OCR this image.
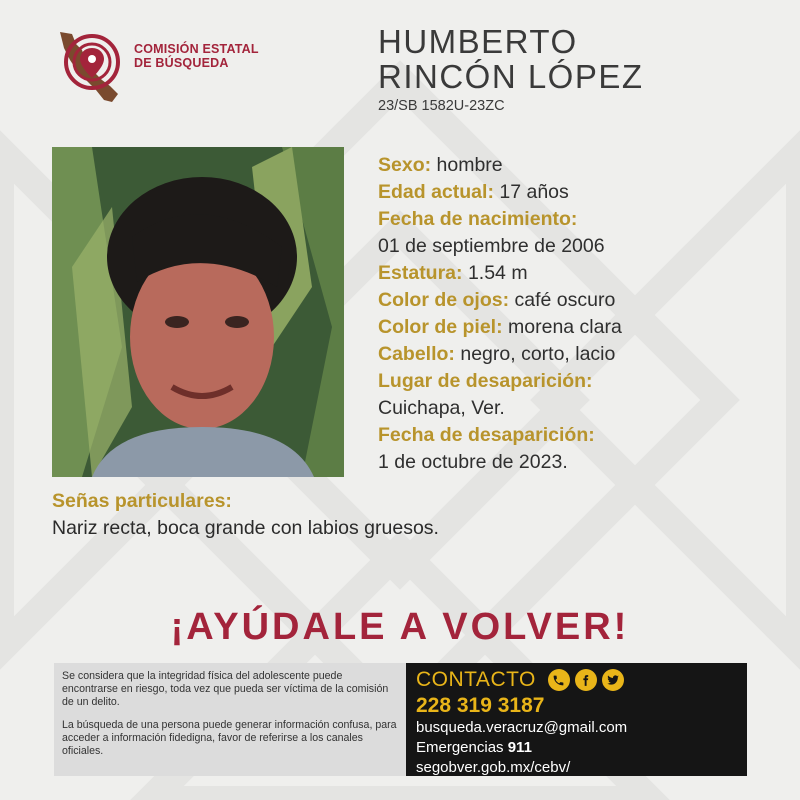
COMISIÓN ESTATAL
DE BÚSQUEDA
HUMBERTO
RINCÓN LÓPEZ
23/SB 1582U-23ZC
Sexo: hombre
Edad actual: 17 años
Fecha de nacimiento:
01 de septiembre de 2006
Estatura: 1.54 m
Color de ojos: café oscuro
Color de piel: morena clara
Cabello: negro, corto, lacio
Lugar de desaparición:
Cuichapa, Ver.
Fecha de desaparición:
1 de octubre de 2023.
Señas particulares:
Nariz recta, boca grande con labios gruesos.
¡AYÚDALE A VOLVER!

Se considera que la integridad física del adolescente puede encontrarse en riesgo, toda vez que pueda ser víctima de la comisión de un delito.

La búsqueda de una persona puede generar información confusa, para acceder a información fidedigna, favor de referirse a los canales oficiales.

CONTACTO
228 319 3187
busqueda.veracruz@gmail.com
Emergencias 911
segobver.gob.mx/cebv/
